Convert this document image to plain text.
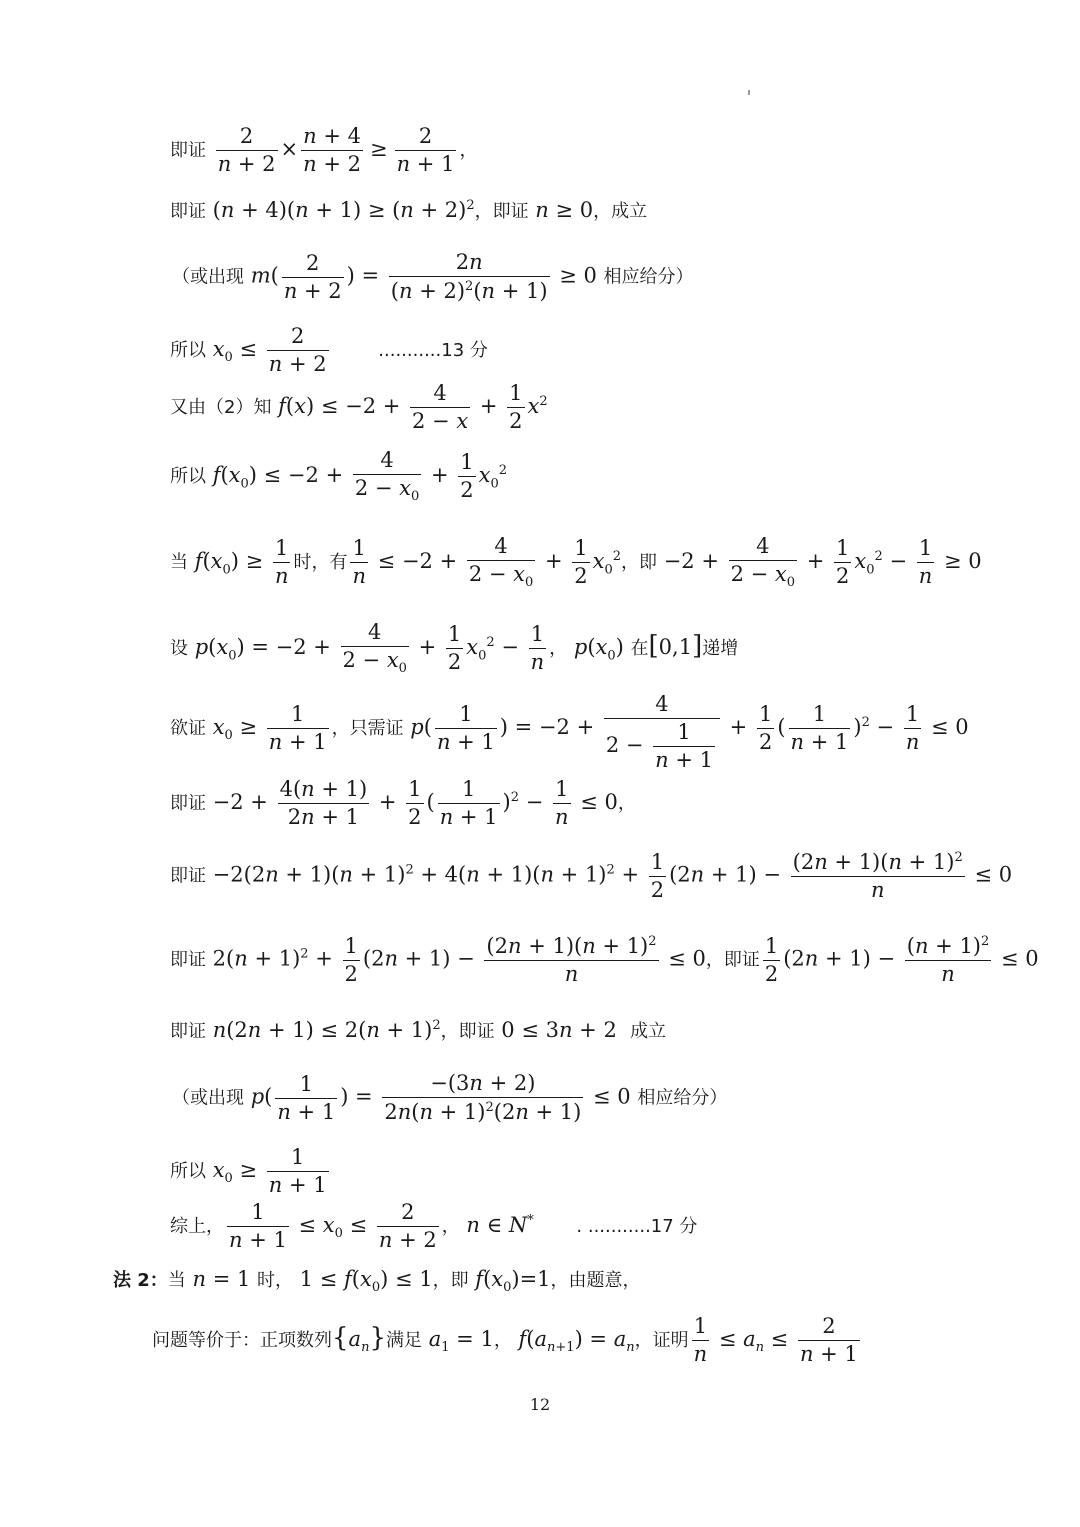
即证 $\frac{2}{n + 2} \times \frac{n + 4}{n + 2} \ge \frac{2}{n + 1}$ ，
即证 $(n + 4)(n + 1) \ge (n + 2)^2$，即证 n ≥ 0，成立
（或出现 $m( \frac{2}{n + 2}$ ) = $\frac{2n}{(n + 2)^2(n + 1)} \ge 0$ 相应给分）
所以 $x_0 \le \frac{2}{n + 2}$	...........13 分
又由（2）知 $f(x) \le -2 + \frac{4}{2 - x} + \frac{1}{2} x^2$
所以 $f(x_0) \le -2 + \frac{4}{2 - x_0} + \frac{1}{2} x_0^2$
当 $f(x_0) \ge \frac{1}{n}$ 时，有 $\frac{1}{n} \le -2 + \frac{4}{2 - x_0} + \frac{1}{2} x_0^2$，即 $-2 + \frac{4}{2 - x_0} + \frac{1}{2} x_0^2 - \frac{1}{n} \ge 0$
设 $p(x_0) = -2 + \frac{4}{2 - x_0} + \frac{1}{2} x_0^2 - \frac{1}{n}$ ， $p(x_0)$ 在[0,1]递增
欲证 $x_0 \ge \frac{1}{n + 1}$ ，只需证 $p( \frac{1}{n + 1}$ ) = $-2 + \frac{4}{2 - \frac{1}{n + 1}} + \frac{1}{2}$ ( $\frac{1}{n + 1} )^2 - \frac{1}{n} \le 0$
即证 $-2 + \frac{4(n + 1)}{2n + 1} + \frac{1}{2}$ ( $\frac{1}{n + 1} )^2 - \frac{1}{n} \le 0$，
即证 $-2(2n + 1)(n + 1)^2 + 4(n + 1)(n + 1)^2 + \frac{1}{2} (2n + 1) - \frac{(2n + 1)(n + 1)^2}{n} \le 0$
即证 $2(n + 1)^2 + \frac{1}{2} (2n + 1) - \frac{(2n + 1)(n + 1)^2}{n} \le 0$，即证 $\frac{1}{2} (2n + 1) - \frac{(n + 1)^2}{n} \le 0$
即证 $n(2n + 1) \le 2(n + 1)^2$，即证 0 ≤ 3n + 2  成立
（或出现 $p( \frac{1}{n + 1}$ ) = $\frac{-(3n + 2)}{2n(n + 1)^2(2n + 1)} \le 0$ 相应给分）
所以 $x_0 \ge \frac{1}{n + 1}$
综上， $\frac{1}{n + 1} \le x_0 \le \frac{2}{n + 2}$ ， n ∈ N* . ...........17 分
法 2：当 n = 1 时， $1 \le f(x_0) \le 1$，即 $f(x_0)=1$，由题意，
问题等价于：正项数列$\{a_n\}$满足 $a_1 = 1$， $f(a_{n+1}) = a_n$，证明 $\frac{1}{n} \le a_n \le \frac{2}{n + 1}$
12
